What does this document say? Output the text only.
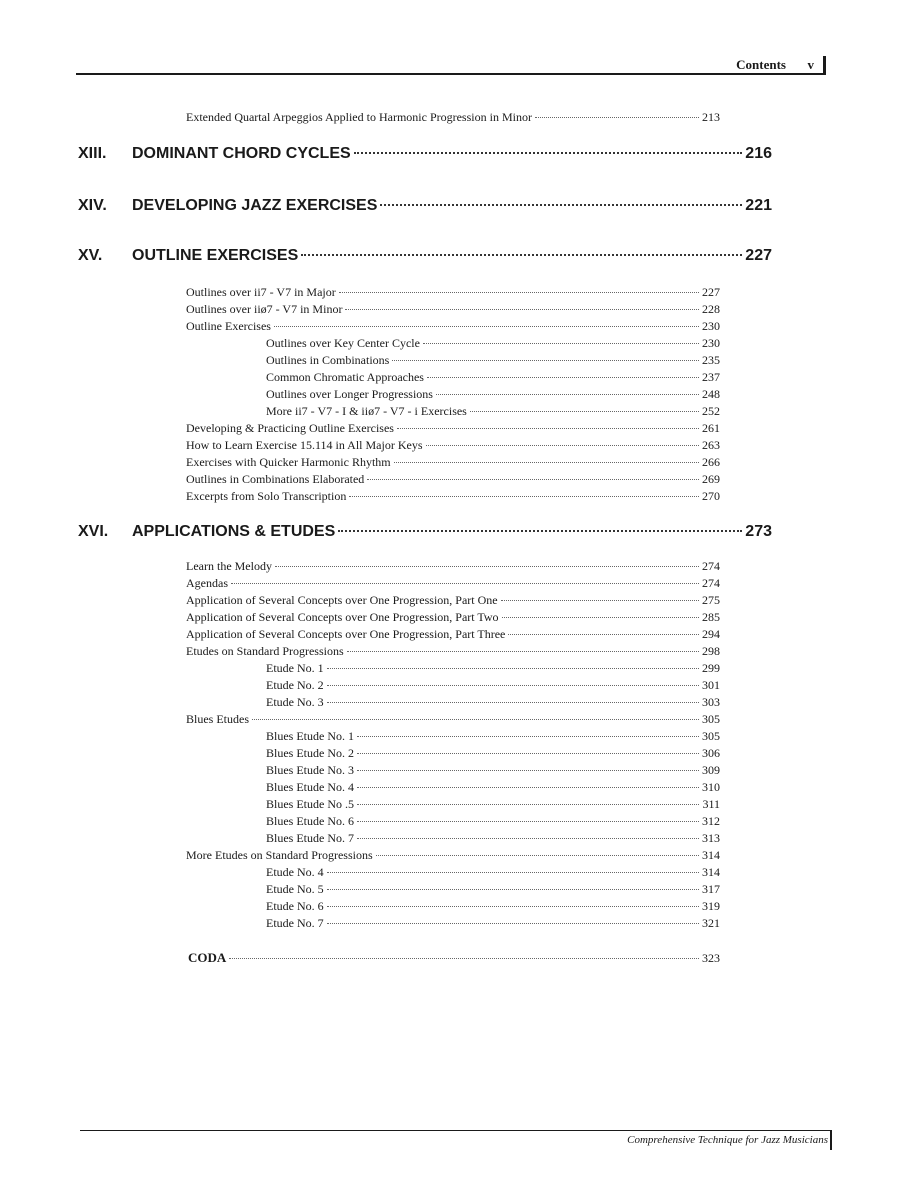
Contents v
Extended Quartal Arpeggios Applied to Harmonic Progression in Minor	213
XIII.	DOMINANT CHORD CYCLES	216
XIV.	DEVELOPING JAZZ EXERCISES	221
XV.	OUTLINE EXERCISES	227
Outlines over ii7 - V7 in Major	227
Outlines over iiø7 - V7 in Minor	228
Outline Exercises	230
Outlines over Key Center Cycle	230
Outlines in Combinations	235
Common Chromatic Approaches	237
Outlines over Longer Progressions	248
More ii7 - V7 - I & iiø7 - V7 - i Exercises	252
Developing & Practicing Outline Exercises	261
How to Learn Exercise 15.114 in All Major Keys	263
Exercises with Quicker Harmonic Rhythm	266
Outlines in Combinations Elaborated	269
Excerpts from Solo Transcription	270
XVI.	APPLICATIONS & ETUDES	273
Learn the Melody	274
Agendas	274
Application of Several Concepts over One Progression, Part One	275
Application of Several Concepts over One Progression, Part Two	285
Application of Several Concepts over One Progression, Part Three	294
Etudes on Standard Progressions	298
Etude No. 1	299
Etude No. 2	301
Etude No. 3	303
Blues Etudes	305
Blues Etude No. 1	305
Blues Etude No. 2	306
Blues Etude No. 3	309
Blues Etude No. 4	310
Blues Etude No .5	311
Blues Etude No. 6	312
Blues Etude No. 7	313
More Etudes on Standard Progressions	314
Etude No. 4	314
Etude No. 5	317
Etude No. 6	319
Etude No. 7	321
CODA	323
Comprehensive Technique for Jazz Musicians
